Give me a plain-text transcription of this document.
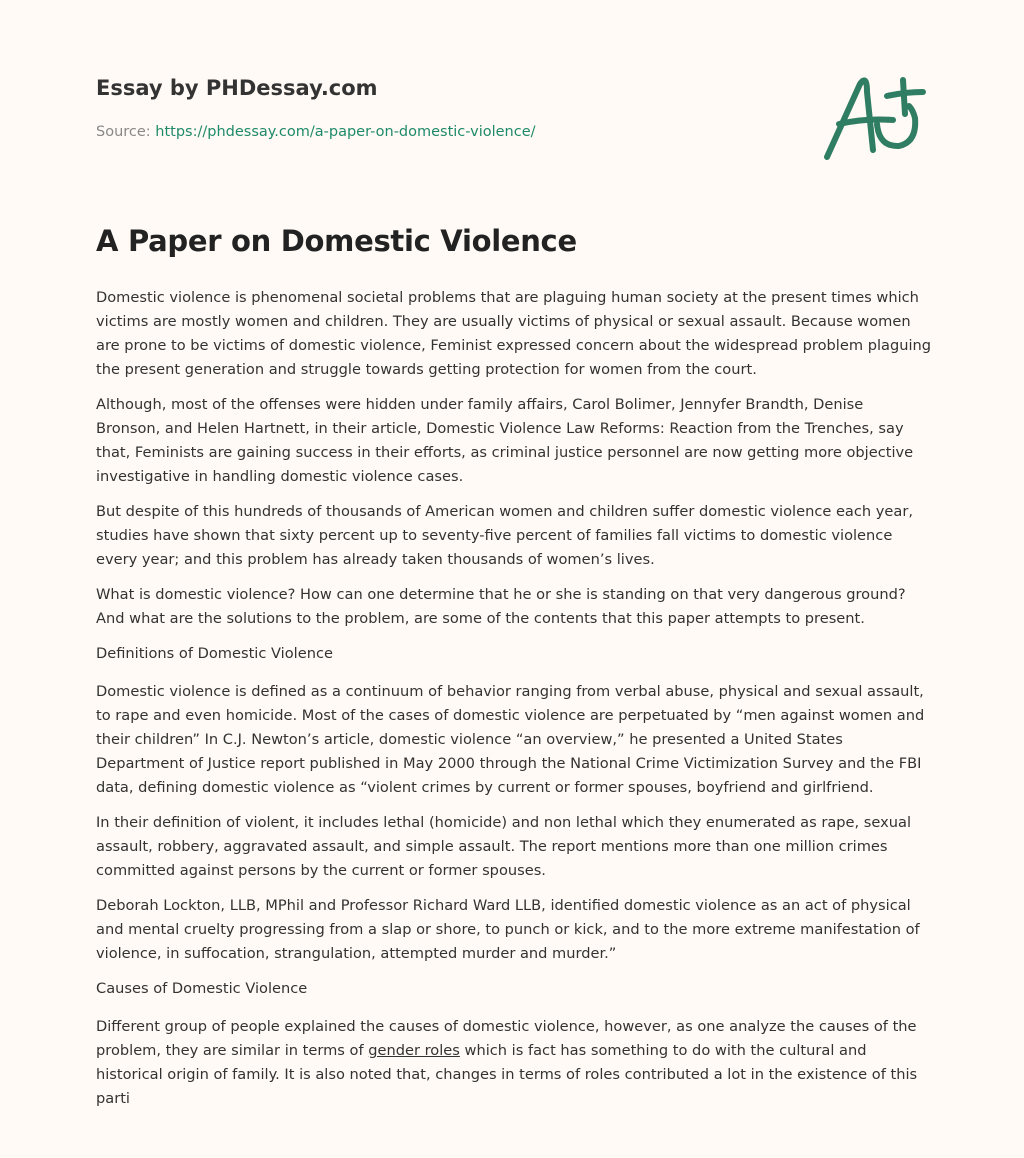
Essay by PHDessay.com
Source: https://phdessay.com/a-paper-on-domestic-violence/
A Paper on Domestic Violence

Domestic violence is phenomenal societal problems that are plaguing human society at the present times which victims are mostly women and children. They are usually victims of physical or sexual assault. Because women are prone to be victims of domestic violence, Feminist expressed concern about the widespread problem plaguing the present generation and struggle towards getting protection for women from the court.

Although, most of the offenses were hidden under family affairs, Carol Bolimer, Jennyfer Brandth, Denise Bronson, and Helen Hartnett, in their article, Domestic Violence Law Reforms: Reaction from the Trenches, say that, Feminists are gaining success in their efforts, as criminal justice personnel are now getting more objective investigative in handling domestic violence cases.

But despite of this hundreds of thousands of American women and children suffer domestic violence each year, studies have shown that sixty percent up to seventy-five percent of families fall victims to domestic violence every year; and this problem has already taken thousands of women’s lives.

What is domestic violence? How can one determine that he or she is standing on that very dangerous ground? And what are the solutions to the problem, are some of the contents that this paper attempts to present.

Definitions of Domestic Violence

Domestic violence is defined as a continuum of behavior ranging from verbal abuse, physical and sexual assault, to rape and even homicide. Most of the cases of domestic violence are perpetuated by “men against women and their children” In C.J. Newton’s article, domestic violence “an overview,” he presented a United States Department of Justice report published in May 2000 through the National Crime Victimization Survey and the FBI data, defining domestic violence as “violent crimes by current or former spouses, boyfriend and girlfriend.

In their definition of violent, it includes lethal (homicide) and non lethal which they enumerated as rape, sexual assault, robbery, aggravated assault, and simple assault. The report mentions more than one million crimes committed against persons by the current or former spouses.

Deborah Lockton, LLB, MPhil and Professor Richard Ward LLB, identified domestic violence as an act of physical and mental cruelty progressing from a slap or shore, to punch or kick, and to the more extreme manifestation of violence, in suffocation, strangulation, attempted murder and murder.”

Causes of Domestic Violence

Different group of people explained the causes of domestic violence, however, as one analyze the causes of the problem, they are similar in terms of gender roles which is fact has something to do with the cultural and historical origin of family. It is also noted that, changes in terms of roles contributed a lot in the existence of this parti
